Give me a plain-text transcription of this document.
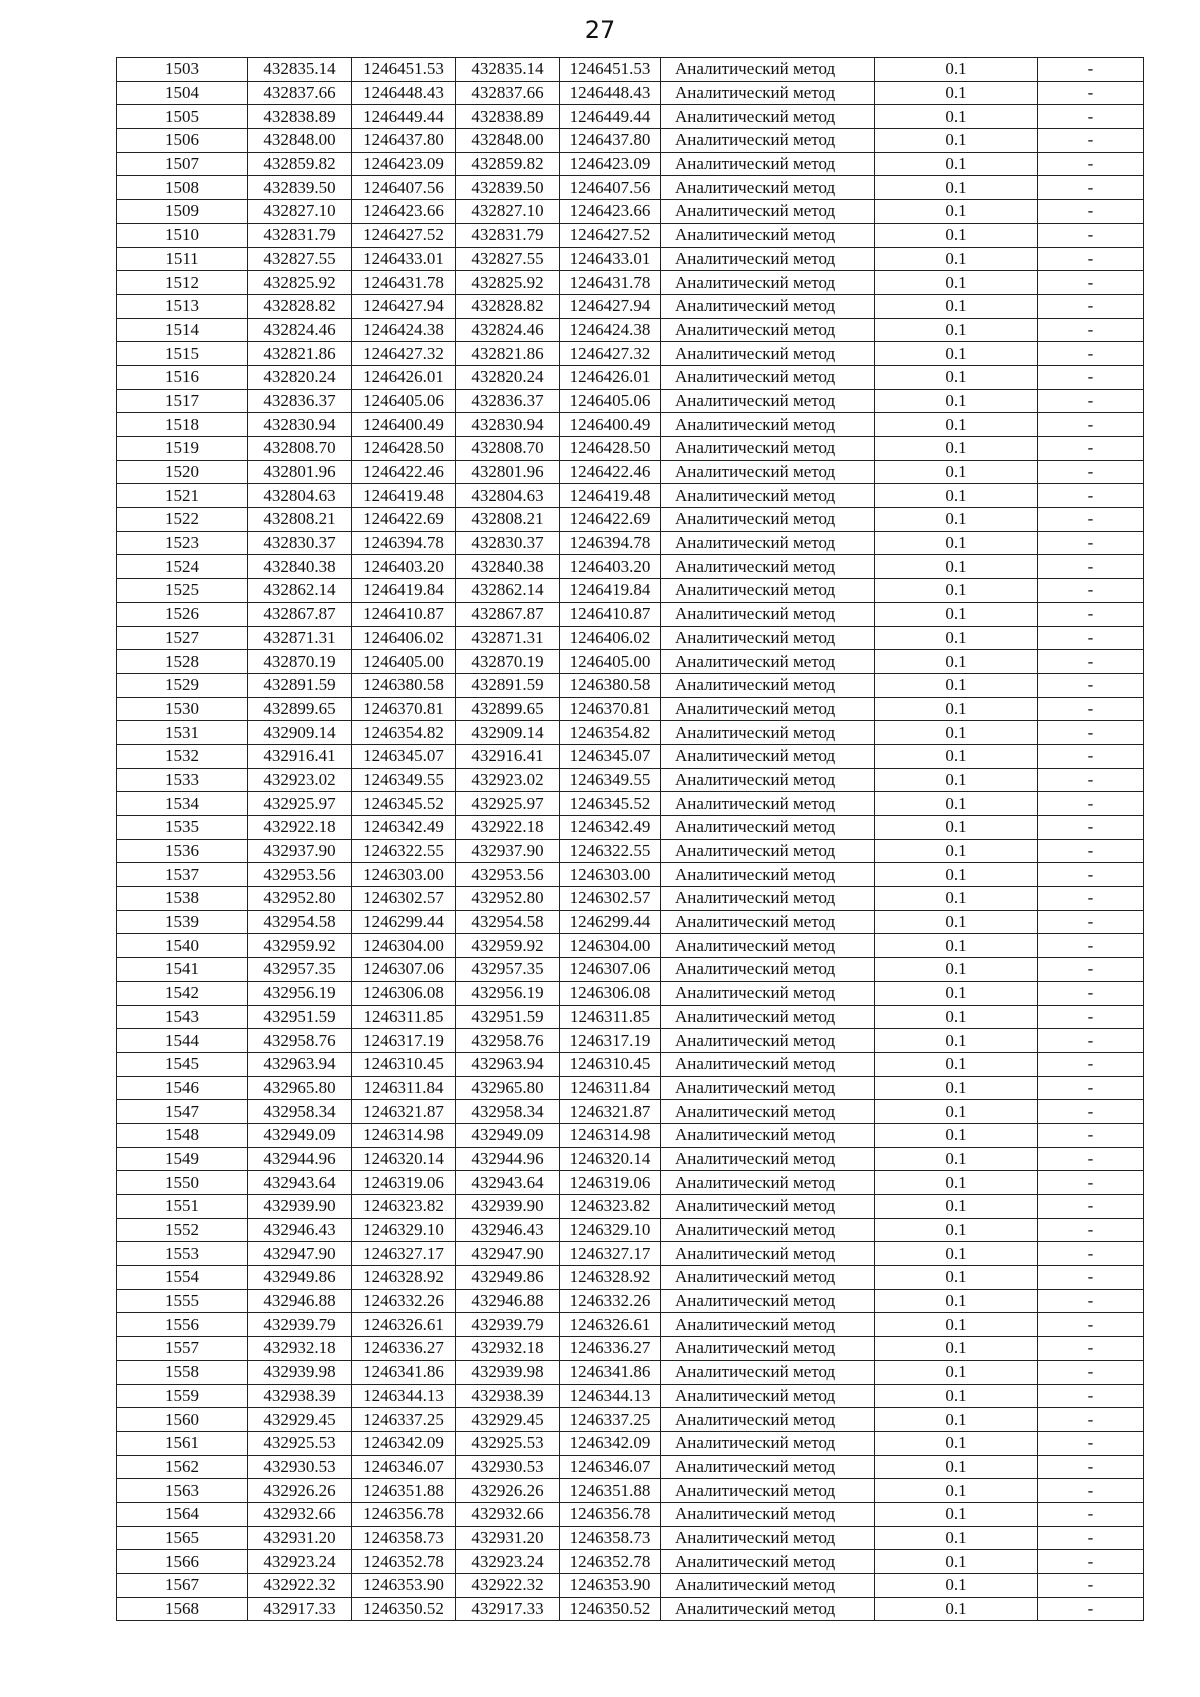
27
1503	432835.14	1246451.53	432835.14	1246451.53	Аналитический метод	0.1	-
1504	432837.66	1246448.43	432837.66	1246448.43	Аналитический метод	0.1	-
1505	432838.89	1246449.44	432838.89	1246449.44	Аналитический метод	0.1	-
1506	432848.00	1246437.80	432848.00	1246437.80	Аналитический метод	0.1	-
1507	432859.82	1246423.09	432859.82	1246423.09	Аналитический метод	0.1	-
1508	432839.50	1246407.56	432839.50	1246407.56	Аналитический метод	0.1	-
1509	432827.10	1246423.66	432827.10	1246423.66	Аналитический метод	0.1	-
1510	432831.79	1246427.52	432831.79	1246427.52	Аналитический метод	0.1	-
1511	432827.55	1246433.01	432827.55	1246433.01	Аналитический метод	0.1	-
1512	432825.92	1246431.78	432825.92	1246431.78	Аналитический метод	0.1	-
1513	432828.82	1246427.94	432828.82	1246427.94	Аналитический метод	0.1	-
1514	432824.46	1246424.38	432824.46	1246424.38	Аналитический метод	0.1	-
1515	432821.86	1246427.32	432821.86	1246427.32	Аналитический метод	0.1	-
1516	432820.24	1246426.01	432820.24	1246426.01	Аналитический метод	0.1	-
1517	432836.37	1246405.06	432836.37	1246405.06	Аналитический метод	0.1	-
1518	432830.94	1246400.49	432830.94	1246400.49	Аналитический метод	0.1	-
1519	432808.70	1246428.50	432808.70	1246428.50	Аналитический метод	0.1	-
1520	432801.96	1246422.46	432801.96	1246422.46	Аналитический метод	0.1	-
1521	432804.63	1246419.48	432804.63	1246419.48	Аналитический метод	0.1	-
1522	432808.21	1246422.69	432808.21	1246422.69	Аналитический метод	0.1	-
1523	432830.37	1246394.78	432830.37	1246394.78	Аналитический метод	0.1	-
1524	432840.38	1246403.20	432840.38	1246403.20	Аналитический метод	0.1	-
1525	432862.14	1246419.84	432862.14	1246419.84	Аналитический метод	0.1	-
1526	432867.87	1246410.87	432867.87	1246410.87	Аналитический метод	0.1	-
1527	432871.31	1246406.02	432871.31	1246406.02	Аналитический метод	0.1	-
1528	432870.19	1246405.00	432870.19	1246405.00	Аналитический метод	0.1	-
1529	432891.59	1246380.58	432891.59	1246380.58	Аналитический метод	0.1	-
1530	432899.65	1246370.81	432899.65	1246370.81	Аналитический метод	0.1	-
1531	432909.14	1246354.82	432909.14	1246354.82	Аналитический метод	0.1	-
1532	432916.41	1246345.07	432916.41	1246345.07	Аналитический метод	0.1	-
1533	432923.02	1246349.55	432923.02	1246349.55	Аналитический метод	0.1	-
1534	432925.97	1246345.52	432925.97	1246345.52	Аналитический метод	0.1	-
1535	432922.18	1246342.49	432922.18	1246342.49	Аналитический метод	0.1	-
1536	432937.90	1246322.55	432937.90	1246322.55	Аналитический метод	0.1	-
1537	432953.56	1246303.00	432953.56	1246303.00	Аналитический метод	0.1	-
1538	432952.80	1246302.57	432952.80	1246302.57	Аналитический метод	0.1	-
1539	432954.58	1246299.44	432954.58	1246299.44	Аналитический метод	0.1	-
1540	432959.92	1246304.00	432959.92	1246304.00	Аналитический метод	0.1	-
1541	432957.35	1246307.06	432957.35	1246307.06	Аналитический метод	0.1	-
1542	432956.19	1246306.08	432956.19	1246306.08	Аналитический метод	0.1	-
1543	432951.59	1246311.85	432951.59	1246311.85	Аналитический метод	0.1	-
1544	432958.76	1246317.19	432958.76	1246317.19	Аналитический метод	0.1	-
1545	432963.94	1246310.45	432963.94	1246310.45	Аналитический метод	0.1	-
1546	432965.80	1246311.84	432965.80	1246311.84	Аналитический метод	0.1	-
1547	432958.34	1246321.87	432958.34	1246321.87	Аналитический метод	0.1	-
1548	432949.09	1246314.98	432949.09	1246314.98	Аналитический метод	0.1	-
1549	432944.96	1246320.14	432944.96	1246320.14	Аналитический метод	0.1	-
1550	432943.64	1246319.06	432943.64	1246319.06	Аналитический метод	0.1	-
1551	432939.90	1246323.82	432939.90	1246323.82	Аналитический метод	0.1	-
1552	432946.43	1246329.10	432946.43	1246329.10	Аналитический метод	0.1	-
1553	432947.90	1246327.17	432947.90	1246327.17	Аналитический метод	0.1	-
1554	432949.86	1246328.92	432949.86	1246328.92	Аналитический метод	0.1	-
1555	432946.88	1246332.26	432946.88	1246332.26	Аналитический метод	0.1	-
1556	432939.79	1246326.61	432939.79	1246326.61	Аналитический метод	0.1	-
1557	432932.18	1246336.27	432932.18	1246336.27	Аналитический метод	0.1	-
1558	432939.98	1246341.86	432939.98	1246341.86	Аналитический метод	0.1	-
1559	432938.39	1246344.13	432938.39	1246344.13	Аналитический метод	0.1	-
1560	432929.45	1246337.25	432929.45	1246337.25	Аналитический метод	0.1	-
1561	432925.53	1246342.09	432925.53	1246342.09	Аналитический метод	0.1	-
1562	432930.53	1246346.07	432930.53	1246346.07	Аналитический метод	0.1	-
1563	432926.26	1246351.88	432926.26	1246351.88	Аналитический метод	0.1	-
1564	432932.66	1246356.78	432932.66	1246356.78	Аналитический метод	0.1	-
1565	432931.20	1246358.73	432931.20	1246358.73	Аналитический метод	0.1	-
1566	432923.24	1246352.78	432923.24	1246352.78	Аналитический метод	0.1	-
1567	432922.32	1246353.90	432922.32	1246353.90	Аналитический метод	0.1	-
1568	432917.33	1246350.52	432917.33	1246350.52	Аналитический метод	0.1	-
